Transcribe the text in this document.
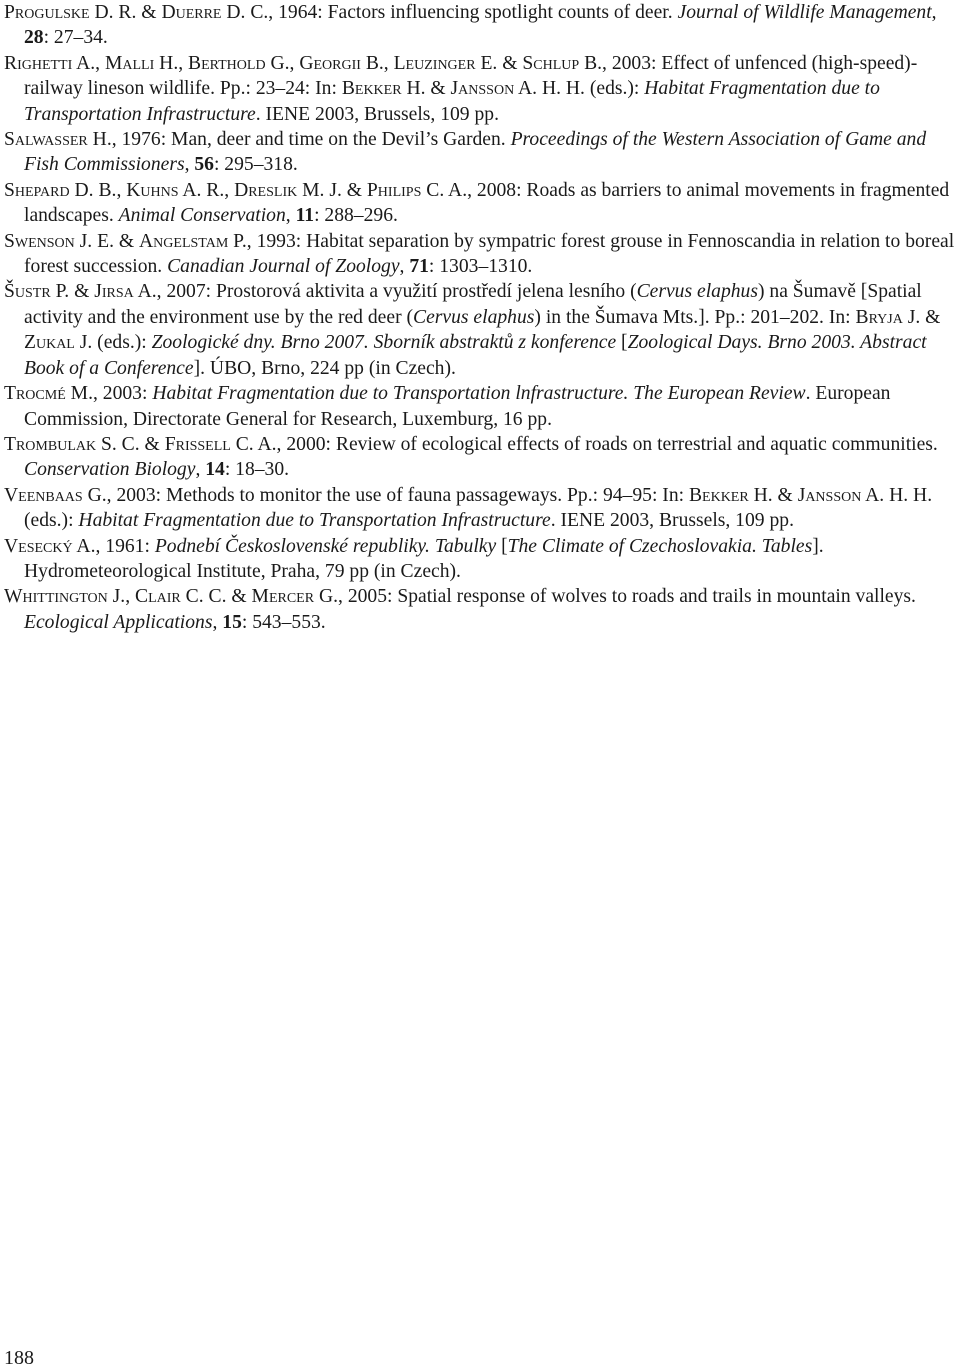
Progulske D. R. & Duerre D. C., 1964: Factors influencing spotlight counts of deer. Journal of Wildlife Management, 28: 27–34.

Righetti A., Malli H., Berthold G., Georgii B., Leuzinger E. & Schlup B., 2003: Effect of unfenced (high-speed)-railway lineson wildlife. Pp.: 23–24: In: Bekker H. & Jansson A. H. H. (eds.): Habitat Fragmentation due to Transportation Infrastructure. IENE 2003, Brussels, 109 pp.

Salwasser H., 1976: Man, deer and time on the Devil’s Garden. Proceedings of the Western Association of Game and Fish Commissioners, 56: 295–318.

Shepard D. B., Kuhns A. R., Dreslik M. J. & Philips C. A., 2008: Roads as barriers to animal movements in fragmented landscapes. Animal Conservation, 11: 288–296.

Swenson J. E. & Angelstam P., 1993: Habitat separation by sympatric forest grouse in Fennoscandia in relation to boreal forest succession. Canadian Journal of Zoology, 71: 1303–1310.

Šustr P. & Jirsa A., 2007: Prostorová aktivita a využití prostředí jelena lesního (Cervus elaphus) na Šumavě [Spatial activity and the environment use by the red deer (Cervus elaphus) in the Šumava Mts.]. Pp.: 201–202. In: Bryja J. & Zukal J. (eds.): Zoologické dny. Brno 2007. Sborník abstraktů z konference [Zoological Days. Brno 2003. Abstract Book of a Conference]. ÚBO, Brno, 224 pp (in Czech).

Trocmé M., 2003: Habitat Fragmentation due to Transportation lnfrastructure. The European Review. European Commission, Directorate General for Research, Luxemburg, 16 pp.

Trombulak S. C. & Frissell C. A., 2000: Review of ecological effects of roads on terrestrial and aquatic communities. Conservation Biology, 14: 18–30.

Veenbaas G., 2003: Methods to monitor the use of fauna passageways. Pp.: 94–95: In: Bekker H. & Jansson A. H. H. (eds.): Habitat Fragmentation due to Transportation Infrastructure. IENE 2003, Brussels, 109 pp.

Vesecký A., 1961: Podnebí Československé republiky. Tabulky [The Climate of Czechoslovakia. Tables]. Hydrometeorological Institute, Praha, 79 pp (in Czech).

Whittington J., Clair C. C. & Mercer G., 2005: Spatial response of wolves to roads and trails in mountain valleys. Ecological Applications, 15: 543–553.

188
